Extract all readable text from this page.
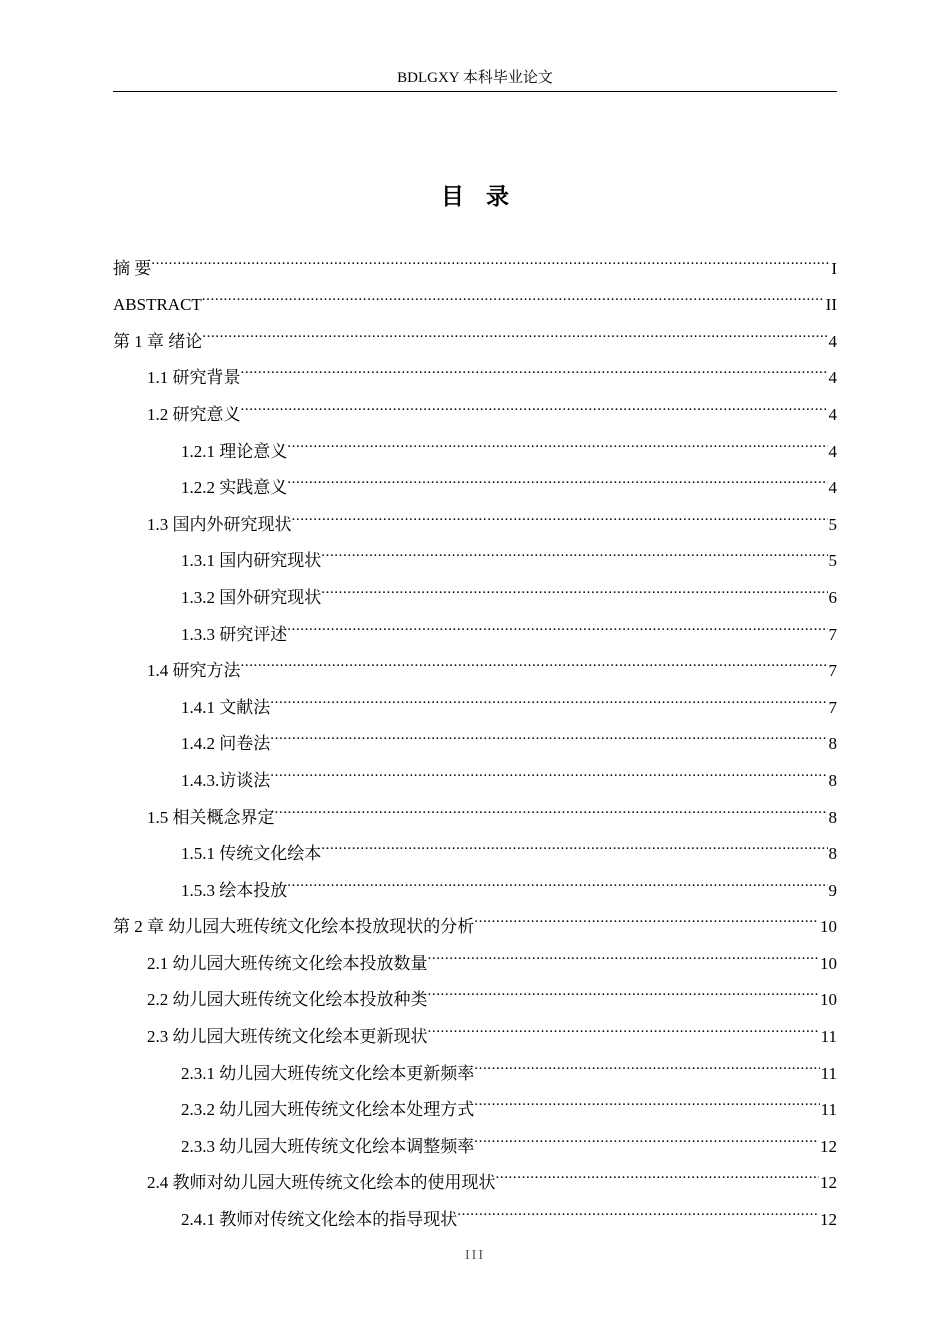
BDLGXY 本科毕业论文
目录
摘 要 .....	I
ABSTRACT .....	II
第 1 章 绪论 .....	4
1.1 研究背景 .....	4
1.2 研究意义 .....	4
1.2.1 理论意义 .....	4
1.2.2 实践意义 .....	4
1.3 国内外研究现状 .....	5
1.3.1 国内研究现状 .....	5
1.3.2 国外研究现状 .....	6
1.3.3 研究评述 .....	7
1.4 研究方法 .....	7
1.4.1 文献法 .....	7
1.4.2 问卷法 .....	8
1.4.3.访谈法 .....	8
1.5 相关概念界定 .....	8
1.5.1 传统文化绘本 .....	8
1.5.3 绘本投放 .....	9
第 2 章 幼儿园大班传统文化绘本投放现状的分析 .....	10
2.1 幼儿园大班传统文化绘本投放数量 .....	10
2.2 幼儿园大班传统文化绘本投放种类 .....	10
2.3 幼儿园大班传统文化绘本更新现状 .....	11
2.3.1 幼儿园大班传统文化绘本更新频率 .....	11
2.3.2 幼儿园大班传统文化绘本处理方式 .....	11
2.3.3 幼儿园大班传统文化绘本调整频率 .....	12
2.4 教师对幼儿园大班传统文化绘本的使用现状 .....	12
2.4.1 教师对传统文化绘本的指导现状 .....	12
III
